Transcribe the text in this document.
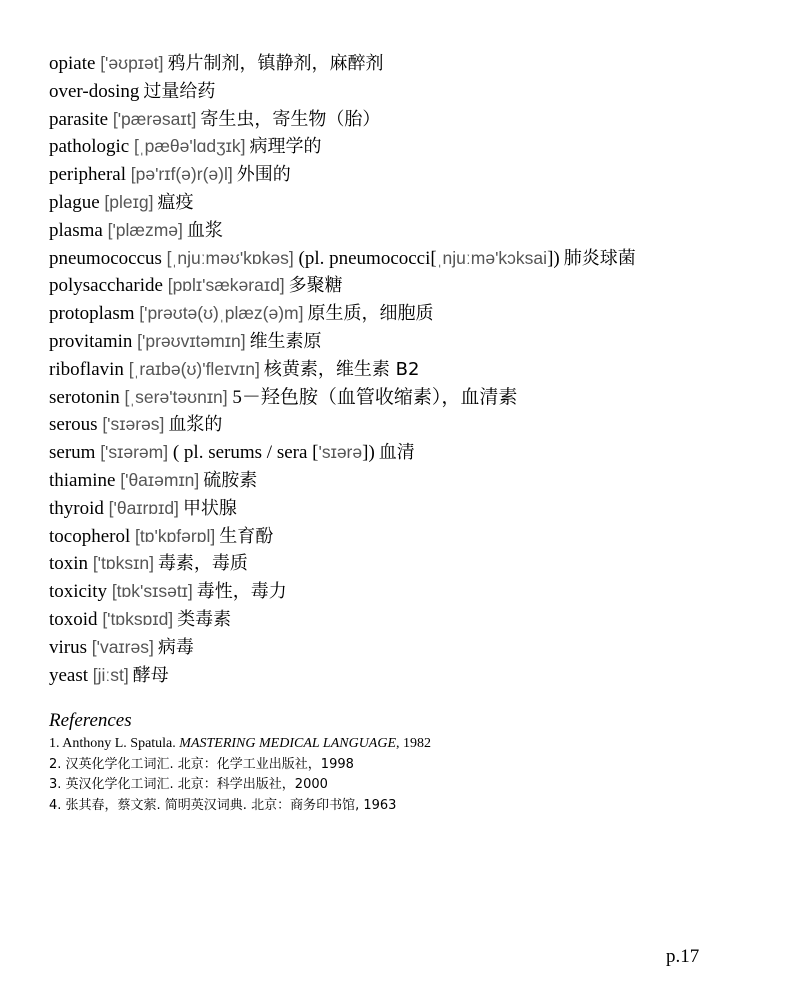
opiate ['əʊpɪət] 鸦片制剂，镇静剂，麻醉剂
over-dosing 过量给药
parasite ['pærəsaɪt] 寄生虫，寄生物（胎）
pathologic [ˌpæθə'lɑdʒɪk] 病理学的
peripheral [pə'rɪf(ə)r(ə)l] 外围的
plague [pleɪg] 瘟疫
plasma ['plæzmə] 血浆
pneumococcus [ˌnjuːməʊ'kɒkəs] (pl. pneumococci[ˌnjuːmə'kɔksai]) 肺炎球菌
polysaccharide [pɒlɪ'sækəraɪd] 多聚糖
protoplasm ['prəʊtə(ʊ)ˌplæz(ə)m] 原生质，细胞质
provitamin ['prəʊvɪtəmɪn] 维生素原
riboflavin [ˌraɪbə(ʊ)'fleɪvɪn] 核黄素，维生素 B2
serotonin [ˌserə'təʊnɪn] 5－羟色胺（血管收缩素），血清素
serous ['sɪərəs] 血浆的
serum ['sɪərəm] ( pl. serums / sera ['sɪərə]) 血清
thiamine ['θaɪəmɪn] 硫胺素
thyroid ['θaɪrɒɪd] 甲状腺
tocopherol [tɒ'kɒfərɒl] 生育酚
toxin ['tɒksɪn] 毒素，毒质
toxicity [tɒk'sɪsətɪ] 毒性，毒力
toxoid ['tɒksɒɪd] 类毒素
virus ['vaɪrəs] 病毒
yeast [jiːst] 酵母
References
1. Anthony L. Spatula. MASTERING MEDICAL LANGUAGE, 1982
2. 汉英化学化工词汇. 北京：化学工业出版社，1998
3. 英汉化学化工词汇. 北京：科学出版社，2000
4. 张其春，蔡文萦. 简明英汉词典. 北京：商务印书馆, 1963
p.17
